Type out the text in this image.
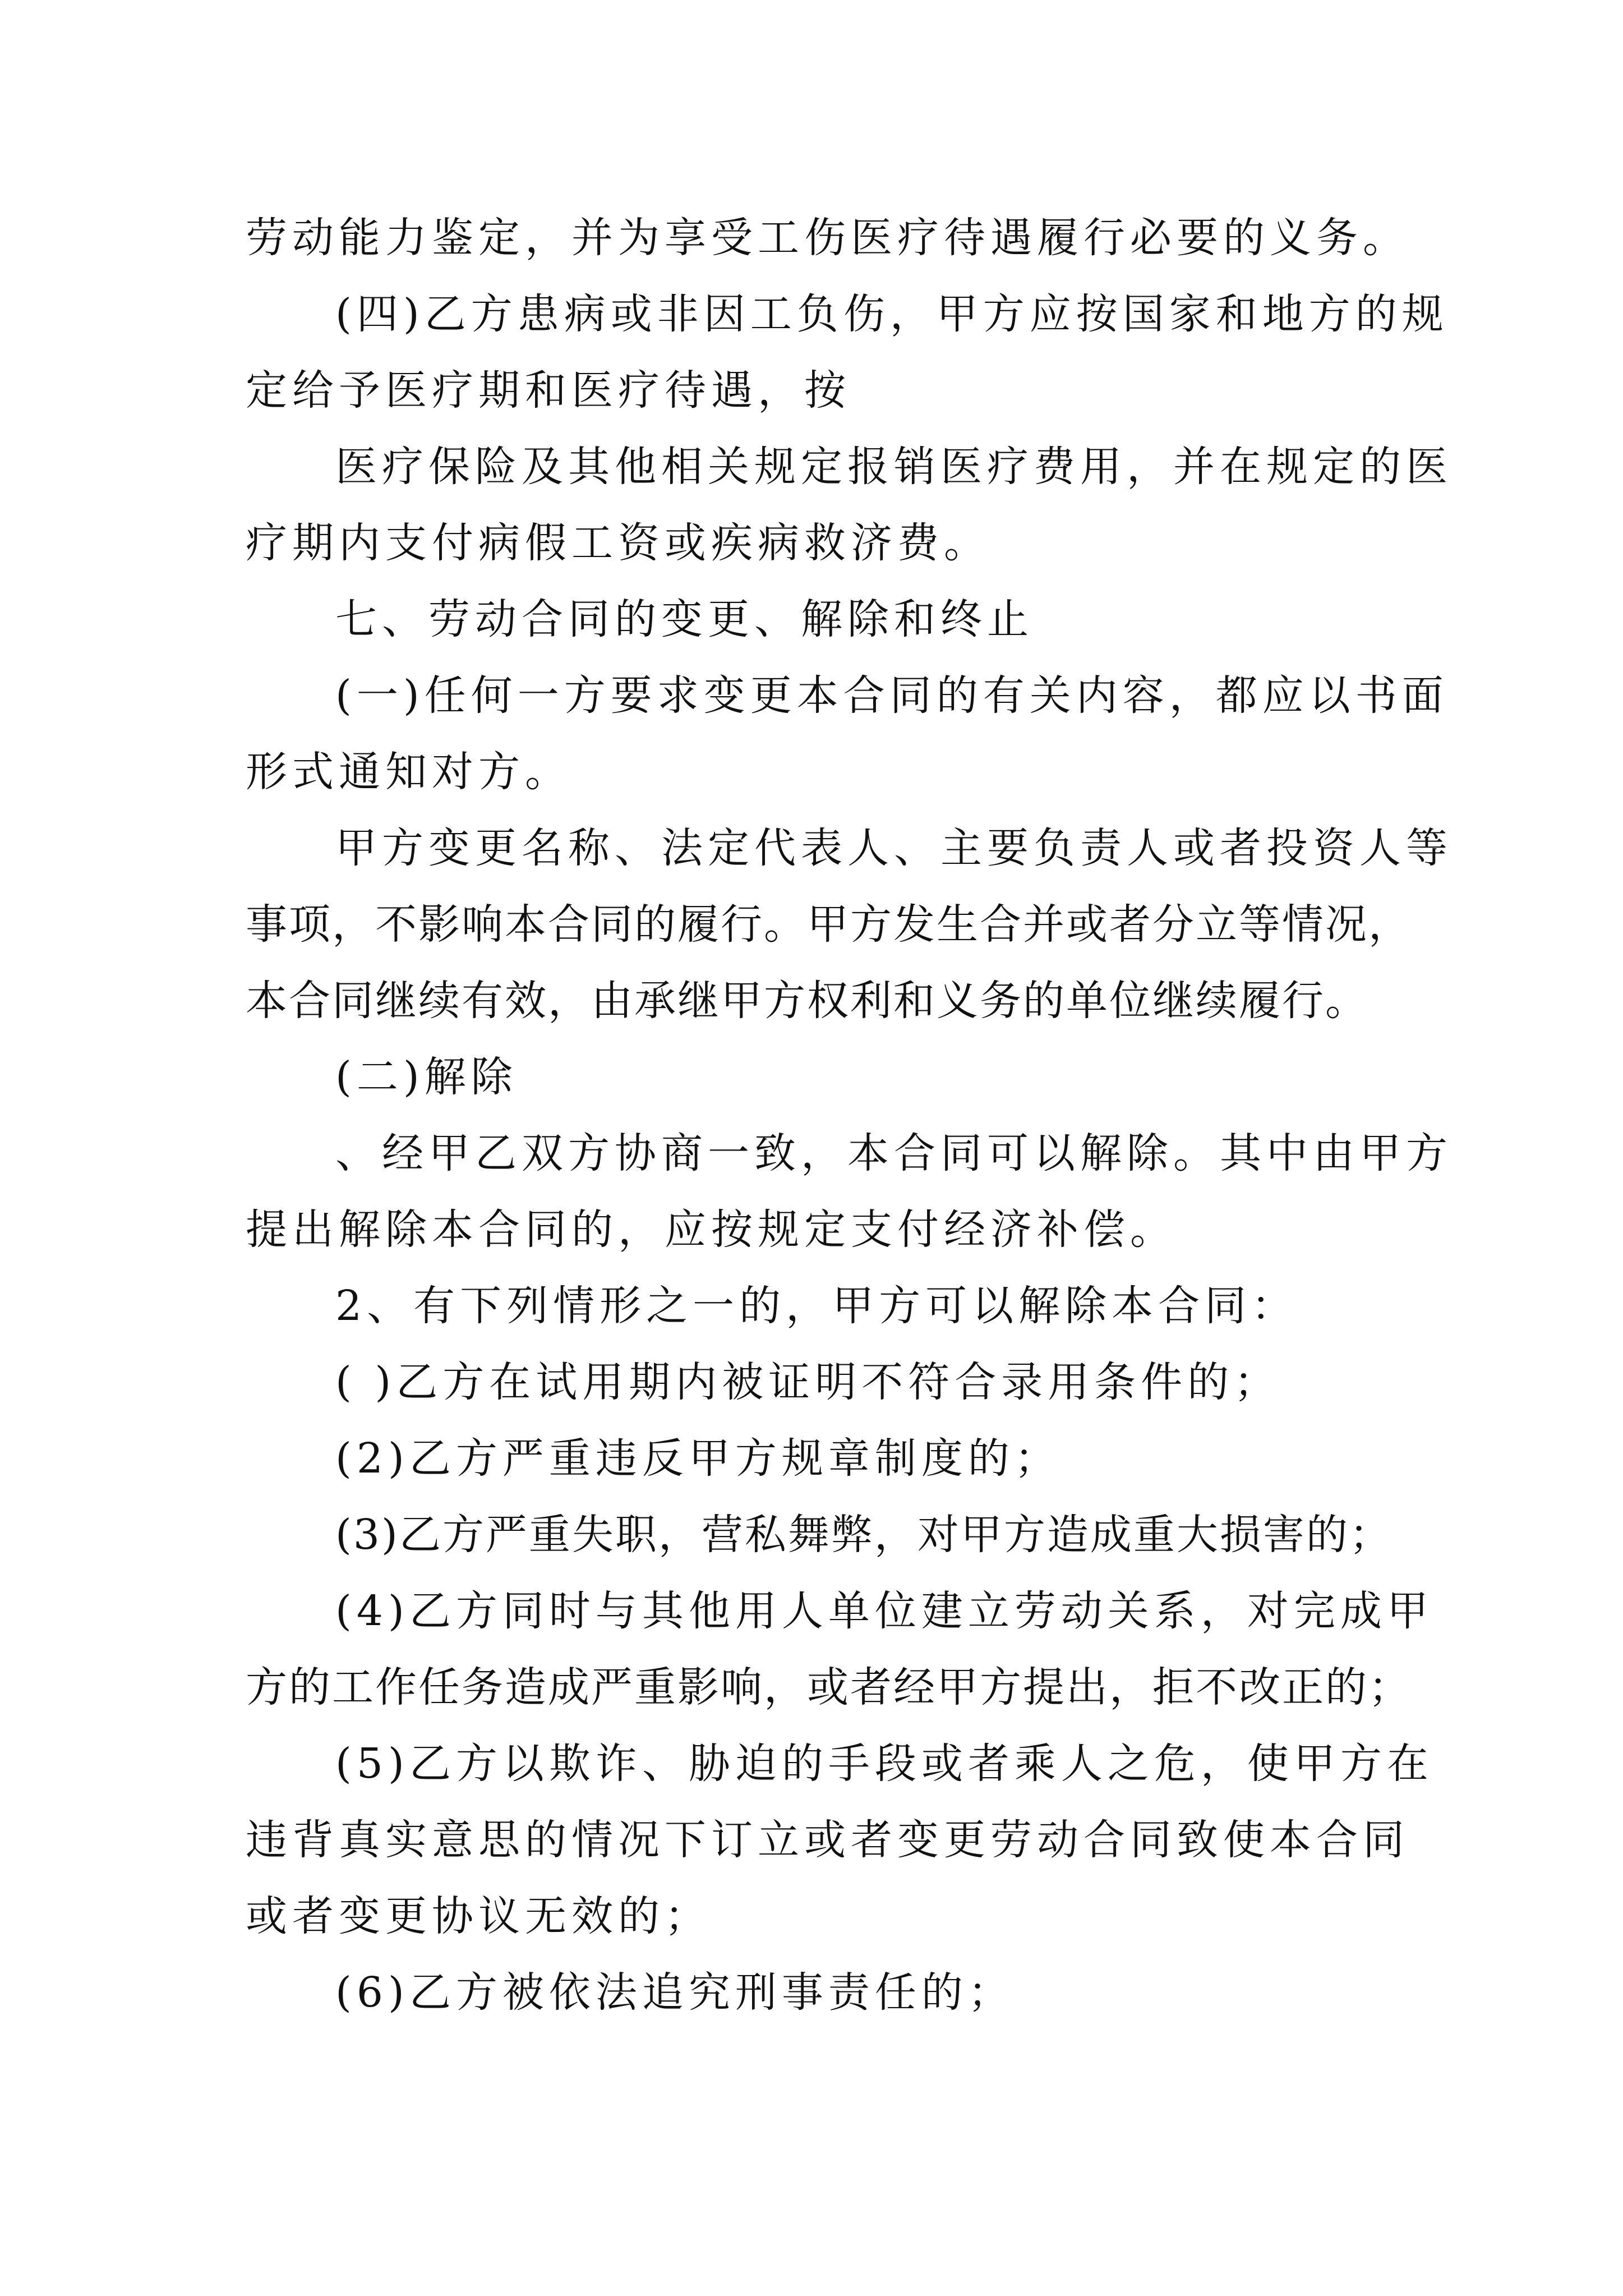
劳动能力鉴定，并为享受工伤医疗待遇履行必要的义务。
(四)乙方患病或非因工负伤，甲方应按国家和地方的规
定给予医疗期和医疗待遇，按
医疗保险及其他相关规定报销医疗费用，并在规定的医
疗期内支付病假工资或疾病救济费。
七、劳动合同的变更、解除和终止
(一)任何一方要求变更本合同的有关内容，都应以书面
形式通知对方。
甲方变更名称、法定代表人、主要负责人或者投资人等
事项，不影响本合同的履行。甲方发生合并或者分立等情况，
本合同继续有效，由承继甲方权利和义务的单位继续履行。
(二)解除
、经甲乙双方协商一致，本合同可以解除。其中由甲方
提出解除本合同的，应按规定支付经济补偿。
2、有下列情形之一的，甲方可以解除本合同：
( )乙方在试用期内被证明不符合录用条件的；
(2)乙方严重违反甲方规章制度的；
(3)乙方严重失职，营私舞弊，对甲方造成重大损害的；
(4)乙方同时与其他用人单位建立劳动关系，对完成甲
方的工作任务造成严重影响，或者经甲方提出，拒不改正的；
(5)乙方以欺诈、胁迫的手段或者乘人之危，使甲方在
违背真实意思的情况下订立或者变更劳动合同致使本合同
或者变更协议无效的；
(6)乙方被依法追究刑事责任的；
